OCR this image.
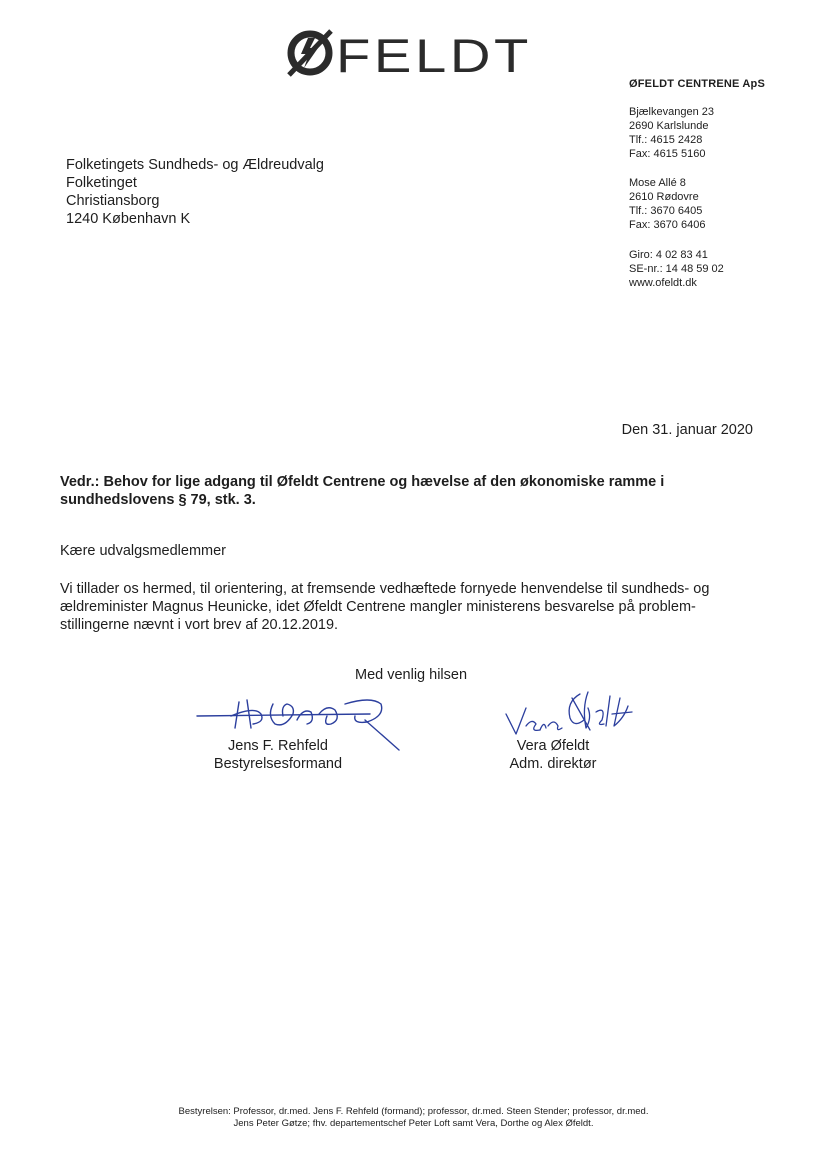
FELDT
ØFELDT CENTRENE ApS
Bjælkevangen 23
2690 Karlslunde
Tlf.: 4615 2428
Fax: 4615 5160
Mose Allé 8
2610 Rødovre
Tlf.: 3670 6405
Fax: 3670 6406
Giro: 4 02 83 41
SE-nr.: 14 48 59 02
www.ofeldt.dk
Folketingets Sundheds- og Ældreudvalg
Folketinget
Christiansborg
1240 København K
Den 31. januar 2020
Vedr.: Behov for lige adgang til Øfeldt Centrene og hævelse af den økonomiske ramme i
sundhedslovens § 79, stk. 3.
Kære udvalgsmedlemmer
Vi tillader os hermed, til orientering, at fremsende vedhæftede fornyede henvendelse til sundheds- og
ældreminister Magnus Heunicke, idet Øfeldt Centrene mangler ministerens besvarelse på problem-
stillingerne nævnt i vort brev af 20.12.2019.
Med venlig hilsen
Jens F. Rehfeld
Bestyrelsesformand
Vera Øfeldt
Adm. direktør
Bestyrelsen: Professor, dr.med. Jens F. Rehfeld (formand); professor, dr.med. Steen Stender; professor, dr.med.
Jens Peter Gøtze; fhv. departementschef Peter Loft samt Vera, Dorthe og Alex Øfeldt.
